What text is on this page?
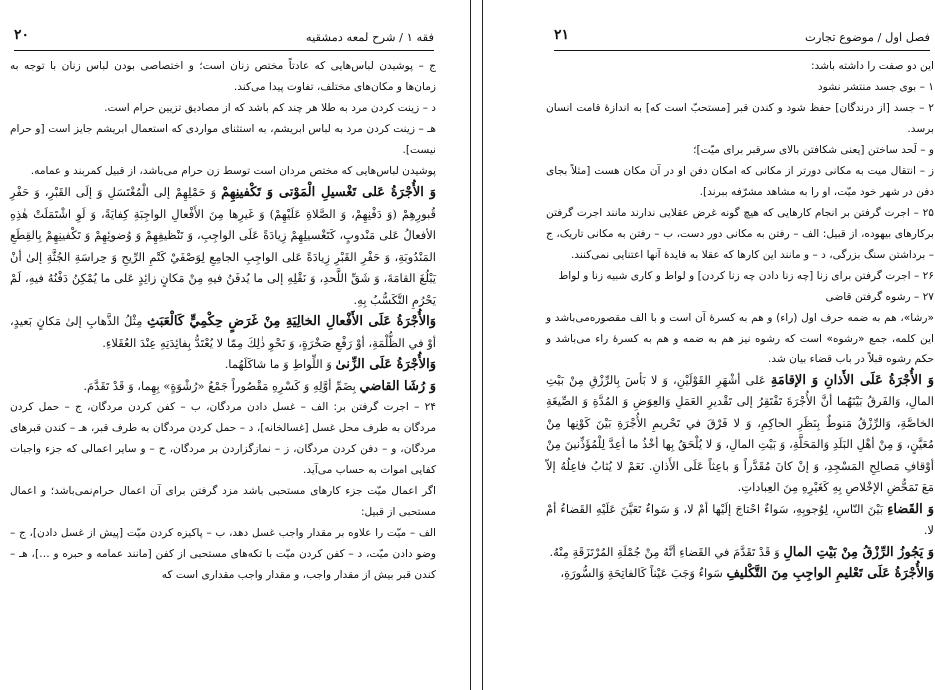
فقه ۱ / شرح لمعه دمشقیه
۲۰

ج – پوشیدن لباس‌هایی که عادتاً مختص زنان است؛ و اختصاصی بودن لباس زنان با توجه به زمان‌ها و مکان‌های مختلف، تفاوت پیدا می‌کند.

د – زینت کردن مرد به طلا هر چند کم باشد که از مصادیق تزیین حرام است.

هـ – زینت کردن مرد به لباس ابریشم، به استثنای مواردی که استعمال ابریشم جایز است [و حرام نیست].

پوشیدن لباس‌هایی که مختص مردان است توسط زن حرام می‌باشد، از قبیل کمربند و عمامه.

وَ الأُجْرَةُ عَلى تَغْسيلِ الْمَوْتى وَ تَكْفينِهِمْ وَ حَمْلِهِمْ إلى الْمُغْتَسَلِ وَ إلَى القَبْرِ، وَ حَفْرِ قُبورِهِمْ (وَ دَفْنِهِمْ، وَ الصَّلاةِ عَلَيْهِمْ) وَ غَيرِها مِنَ الأَفْعالِ الواجِبَةِ كِفايَةً، وَ لَوِ اشْتَمَلَتْ هٰذِهِ الأفعالُ عَلى مَنْدوبٍ، كَتَغْسيلِهِمْ زِيادَةً عَلَى الواجِبِ، وَ تَنْظيفِهِمْ وَ وُضوئِهِمْ وَ تَكْفينِهِمْ بِالقِطَعِ المَنْدُوبَةِ، وَ حَفْرِ القَبْرِ زِيادَةً عَلى الواجِبِ الجامِعِ لِوَصْفَيْ كَتْمِ الرِّيحِ وَ حِراسَةِ الجُثَّةِ إلىٰ أنْ يَبْلُغَ القامَةَ، وَ شَقِّ اللَّحدِ، وَ نَقْلِهِ إلى ما يُدفَنُ فيهِ مِنْ مَكانٍ زائِدٍ عَلى ما يُمْكِنُ دَفْنُهُ فيهِ، لَمْ يَحْرُمِ التَّكَسُّبُ بِهِ.

وَالأُجْرَةُ عَلَى الأَفْعالِ الخالِيَةِ مِنْ غَرَضٍ حِكْمِيٍّ كَالْعَبَثِ مِثْلُ الذَّهابِ إلىٰ مَكانٍ بَعيدٍ، أوْ في الظُّلْمَةِ، أوْ رَفْعِ صَخْرَةٍ، وَ نَحْوِ ذٰلِكَ مِمّا لا يُعْتَدُّ بِفائِدَتِهِ عِنْدَ العُقَلاءِ.

وَالأُجْرَةُ عَلَى الزِّنىٰ وَ اللِّواطِ وَ ما شاكَلَهُما.

وَ رُشَا القاضي بِضَمِّ أوَّلِهِ وَ كَسْرِهِ مَقْصُوراً جَمْعُ «رُشْوَةٍ» بِهِما، وَ قَدْ تَقَدَّمَ.

۲۴ – اجرت گرفتن بر: الف – غسل دادن مردگان، ب – کفن کردن مردگان، ج – حمل کردن مردگان به طرف محل غسل [غسالخانه]، د – حمل کردن مردگان به طرف قبر، هـ – کندن قبرهای مردگان، و – دفن کردن مردگان، ز – نمازگزاردن بر مردگان، ح – و سایر اعمالی که جزء واجبات کفایی اموات به حساب می‌آید.

اگر اعمال میّت جزء کارهای مستحبی باشد مزد گرفتن برای آن اعمال حرام‌نمی‌باشد؛ و اعمال مستحبی از قبیل:

الف – میّت را علاوه بر مقدار واجب غسل دهد، ب – پاکیزه کردن میّت [پیش از غسل دادن]، ج – وضو دادن میّت، د – کفن کردن میّت با تکه‌های مستحبی از کفن [مانند عمامه و حبره و …]، هـ – کندن قبر بیش از مقدار واجب، و مقدار واجب مقداری است که

فصل اول / موضوع تجارت
۲۱

این دو صفت را داشته باشد:

۱ – بوی جسد منتشر نشود

۲ – جسد [از درندگان] حفظ شود و کندن قبر [مستحبّ است که] به اندازهٔ قامت انسان برسد.

و – لَحد ساختن [یعنی شکافتن بالای سرقبر برای میّت]؛

ز – انتقال میت به مکانی دورتر از مکانی که امکان دفن او در آن مکان هست [مثلاً بجای دفن در شهر خود میّت، او را به مشاهد مشرّفه ببرند].

۲۵ – اجرت گرفتن بر انجام کارهایی که هیچ گونه غرض عقلایی ندارند مانند اجرت گرفتن برکارهای بیهوده، از قبیل: الف – رفتن به مکانی دور دست، ب – رفتن به مکانی تاریک، ج – برداشتن سنگ بزرگی، د – و مانند این کارها که عقلا به فایدهٔ آنها اعتنایی نمی‌کنند.

۲۶ – اجرت گرفتن برای زنا [چه زنا دادن چه زنا کردن] و لواط و کاری شبیه زنا و لواط

۲۷ – رشوه گرفتن قاضی

«رشا»، هم به ضمه حرف اول (راء) و هم به کسرهٔ آن است و با الف مقصوره‌می‌باشد و این کلمه، جمع «رشوه» است که رشوه نیز هم به ضمه و هم به کسرهٔ راء می‌باشد و حکم رشوه قبلاً در باب قضاء بیان شد.

وَ الأُجْرَةُ عَلَى الأَذانِ وَ الإقامَةِ عَلى أشْهَرِ القَوْلَيْنِ، وَ لا بَأسَ بِالرِّزْقِ مِنْ بَيْتِ المالِ، وَالفَرقُ بَيْنَهُما أنَّ الأُجْرَةَ تَفْتَقِرُ إلى تَقْديرِ العَمَلِ وَالعِوَضِ وَ المُدَّةِ وَ الصِّيغَةِ الخاصَّةِ، وَالرِّزْقُ مَنوطٌ بِنَظَرِ الحاكِمِ، وَ لا فَرْقَ في تَحْريمِ الأُجْرَةِ بَيْنَ كَوْنِها مِنْ مُعَيَّنٍ، وَ مِنْ أهْلِ البَلَدِ وَالمَحَلَّةِ، وَ بَيْتِ المالِ، وَ لا يُلْحَقُ بِها أخْذُ ما أعِدَّ لِلْمُؤَذِّنينَ مِنْ أوْقافِ مَصالِحِ المَسْجِدِ، وَ إنْ كانَ مُقَدَّراً وَ باعِثاً عَلَى الأَذانِ. نَعَمْ لا يُثابُ فاعِلُهُ إلاّ مَعَ تَمَحُّضِ الإخْلاصِ بِهِ كَغَيْرِهِ مِنَ العِباداتِ.

وَ القَضاءِ بَيْنَ النّاسِ، لِوُجوبِهِ، سَواءٌ احْتاجَ إلَيْها أمْ لا، وَ سَواءٌ تَعَيَّنَ عَلَيْهِ القَضاءُ أمْ لا.

وَ يَجُوزُ الرِّزْقُ مِنْ بَيْتِ المالِ وَ قَدْ تَقَدَّمَ في القَضاءِ أنَّهُ مِنْ جُمْلَةِ المُرْتَزَقَةِ مِنْهُ.

وَالأُجْرَةُ عَلَى تَعْليمِ الواجِبِ مِنَ التَّكْليفِ سَواءٌ وَجَبَ عَيْناً كَالفاتِحَةِ وَالسُّورَةِ،
